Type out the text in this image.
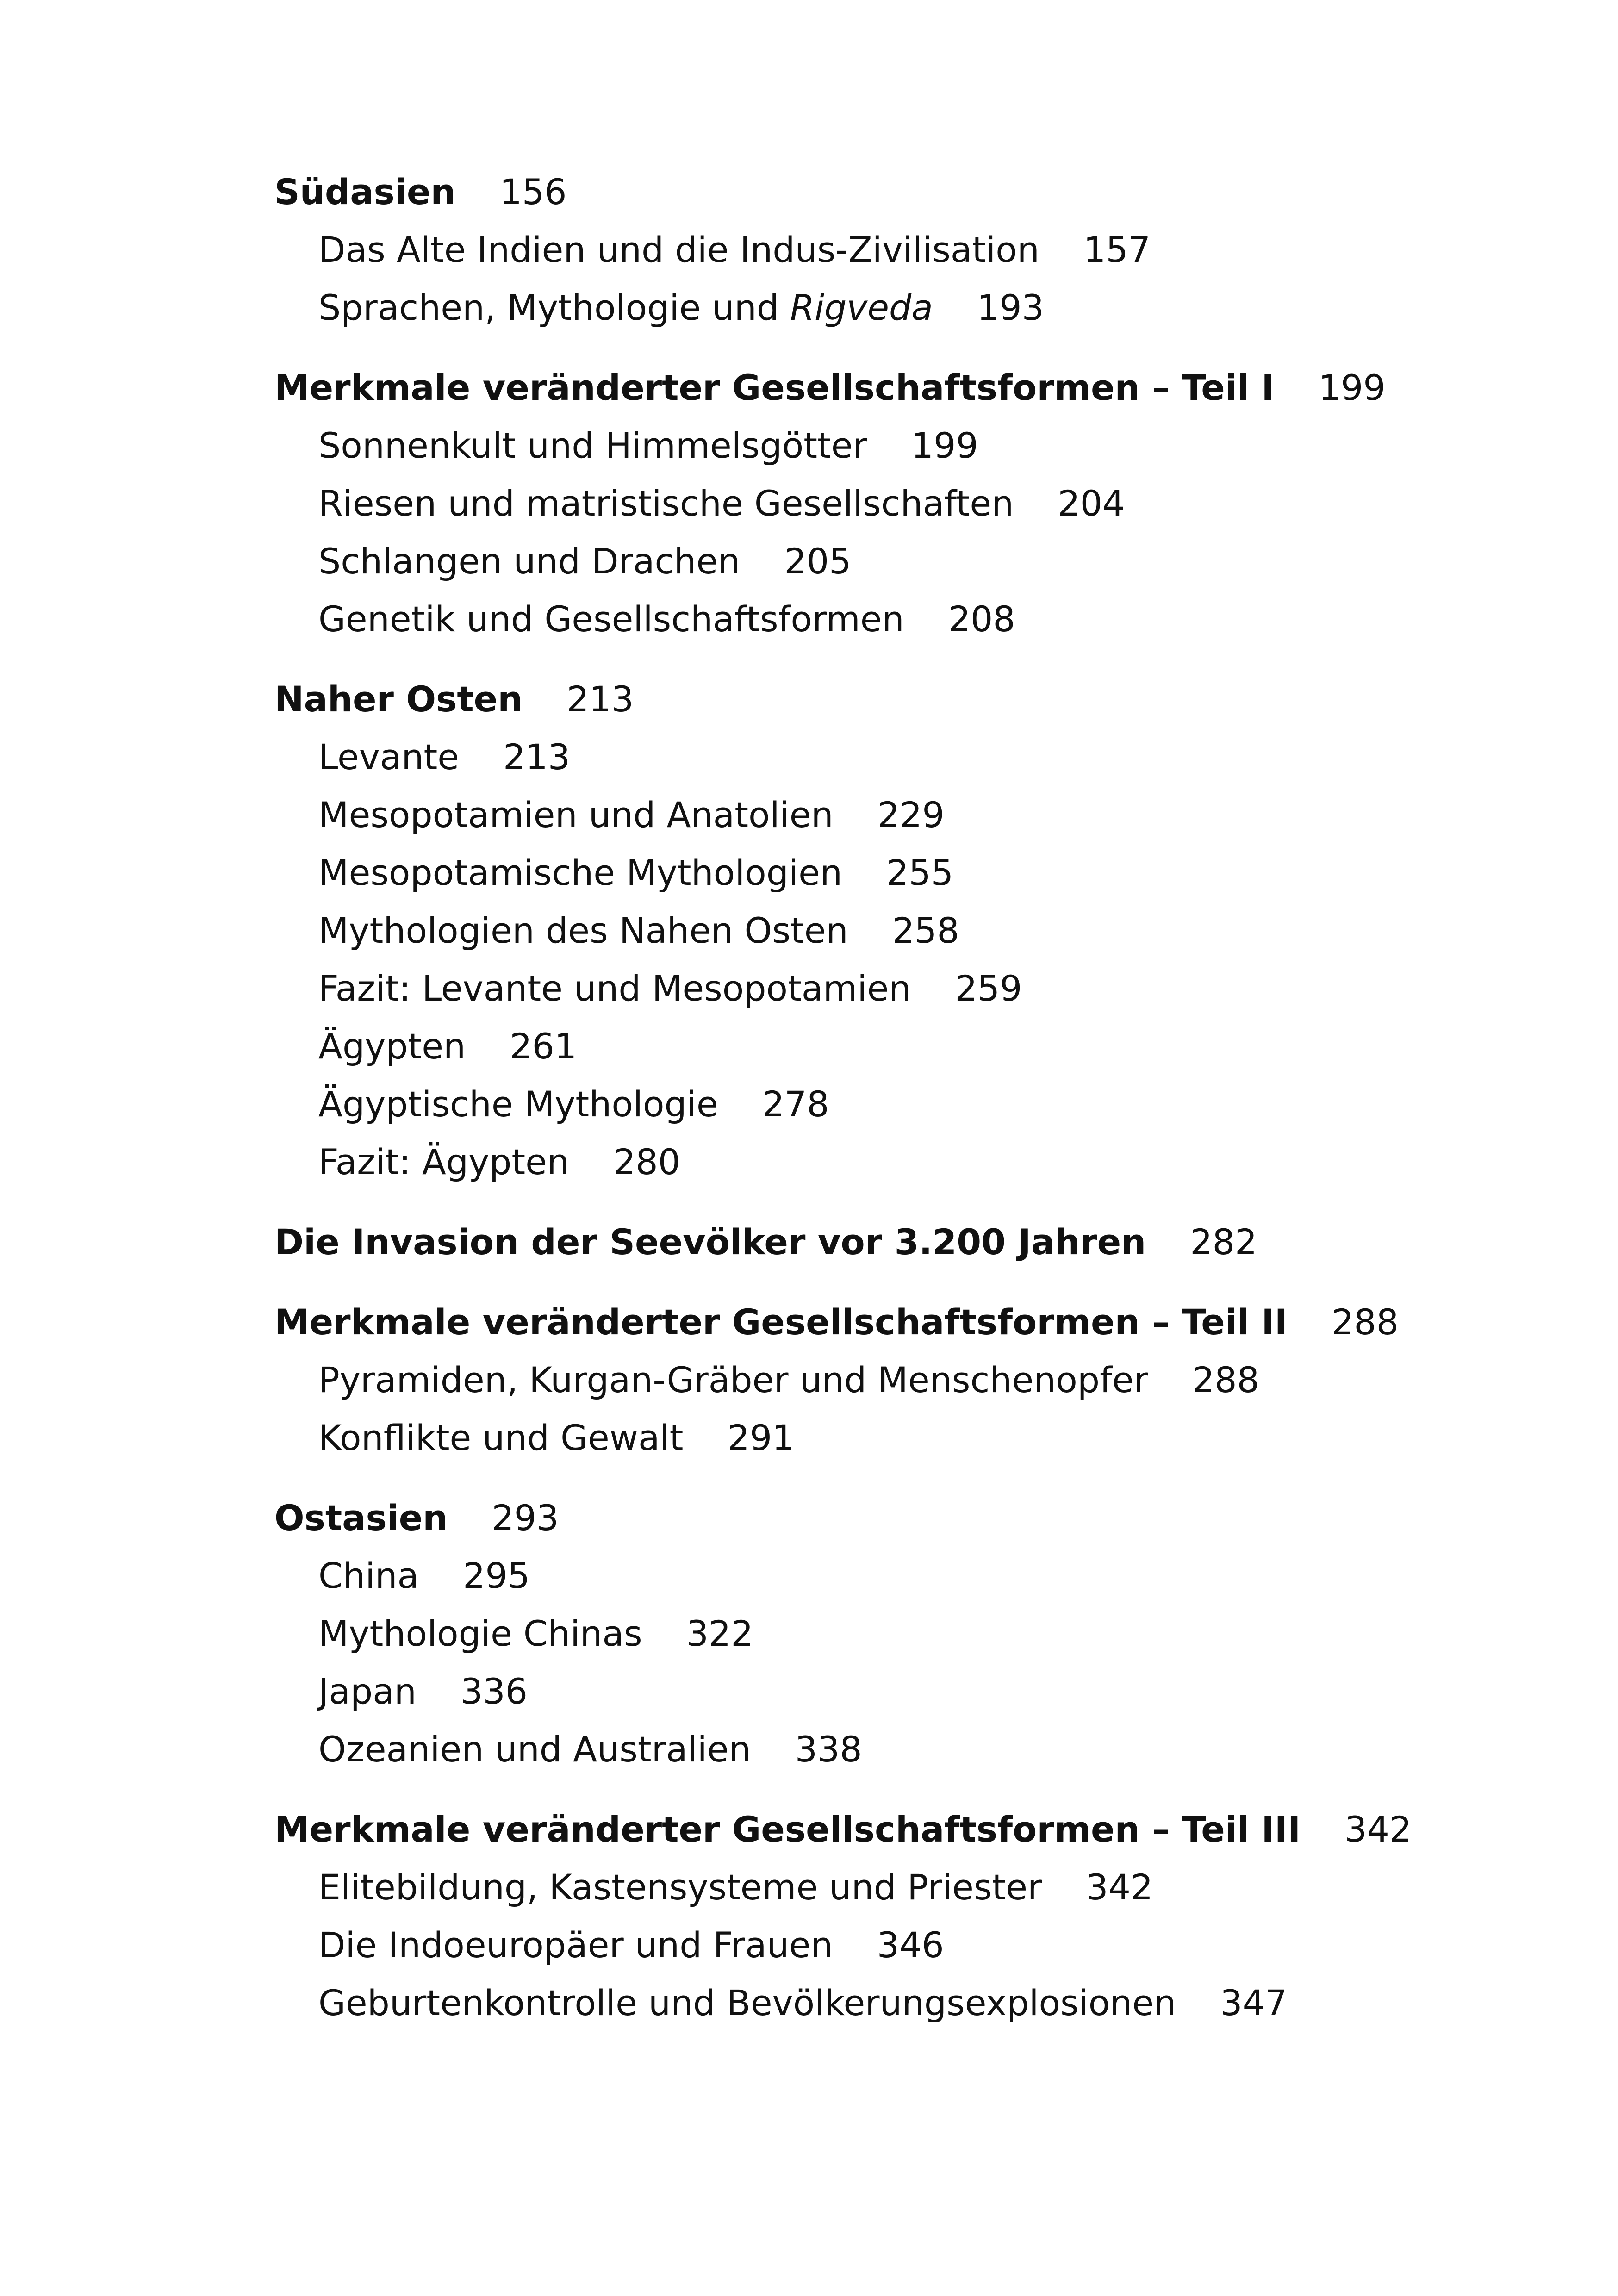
Südasien 156
Das Alte Indien und die Indus-Zivilisation 157
Sprachen, Mythologie und Rigveda 193
Merkmale veränderter Gesellschaftsformen – Teil I 199
Sonnenkult und Himmelsgötter 199
Riesen und matristische Gesellschaften 204
Schlangen und Drachen 205
Genetik und Gesellschaftsformen 208
Naher Osten 213
Levante 213
Mesopotamien und Anatolien 229
Mesopotamische Mythologien 255
Mythologien des Nahen Osten 258
Fazit: Levante und Mesopotamien 259
Ägypten 261
Ägyptische Mythologie 278
Fazit: Ägypten 280
Die Invasion der Seevölker vor 3.200 Jahren 282
Merkmale veränderter Gesellschaftsformen – Teil II 288
Pyramiden, Kurgan-Gräber und Menschenopfer 288
Konflikte und Gewalt 291
Ostasien 293
China 295
Mythologie Chinas 322
Japan 336
Ozeanien und Australien 338
Merkmale veränderter Gesellschaftsformen – Teil III 342
Elitebildung, Kastensysteme und Priester 342
Die Indoeuropäer und Frauen 346
Geburtenkontrolle und Bevölkerungsexplosionen 347
